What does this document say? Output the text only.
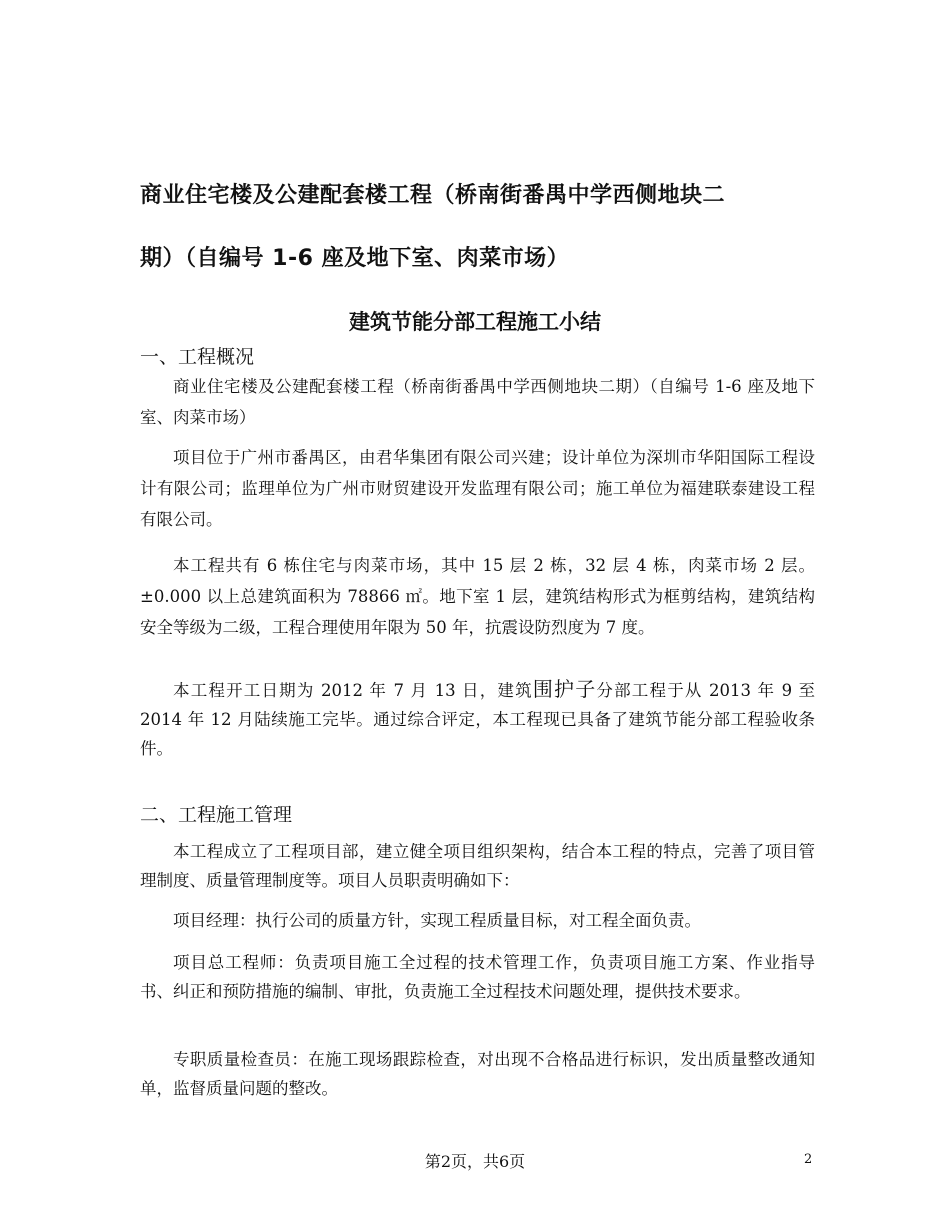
商业住宅楼及公建配套楼工程（桥南街番禺中学西侧地块二
期）（自编号 1-6 座及地下室、肉菜市场）
建筑节能分部工程施工小结
一、工程概况
商业住宅楼及公建配套楼工程（桥南街番禺中学西侧地块二期）（自编号 1-6 座及地下室、肉菜市场）
项目位于广州市番禺区，由君华集团有限公司兴建；设计单位为深圳市华阳国际工程设计有限公司；监理单位为广州市财贸建设开发监理有限公司；施工单位为福建联泰建设工程有限公司。
本工程共有 6 栋住宅与肉菜市场，其中 15 层 2 栋，32 层 4 栋，肉菜市场 2 层。±0.000 以上总建筑面积为 78866 ㎡。地下室 1 层，建筑结构形式为框剪结构，建筑结构安全等级为二级，工程合理使用年限为 50 年，抗震设防烈度为 7 度。
本工程开工日期为 2012 年 7 月 13 日，建筑围护子分部工程于从 2013 年 9 至 2014 年 12 月陆续施工完毕。通过综合评定，本工程现已具备了建筑节能分部工程验收条件。
二、工程施工管理
本工程成立了工程项目部，建立健全项目组织架构，结合本工程的特点，完善了项目管理制度、质量管理制度等。项目人员职责明确如下：
项目经理：执行公司的质量方针，实现工程质量目标，对工程全面负责。
项目总工程师：负责项目施工全过程的技术管理工作，负责项目施工方案、作业指导书、纠正和预防措施的编制、审批，负责施工全过程技术问题处理，提供技术要求。
专职质量检查员：在施工现场跟踪检查，对出现不合格品进行标识，发出质量整改通知单，监督质量问题的整改。
第2页，共6页	2
